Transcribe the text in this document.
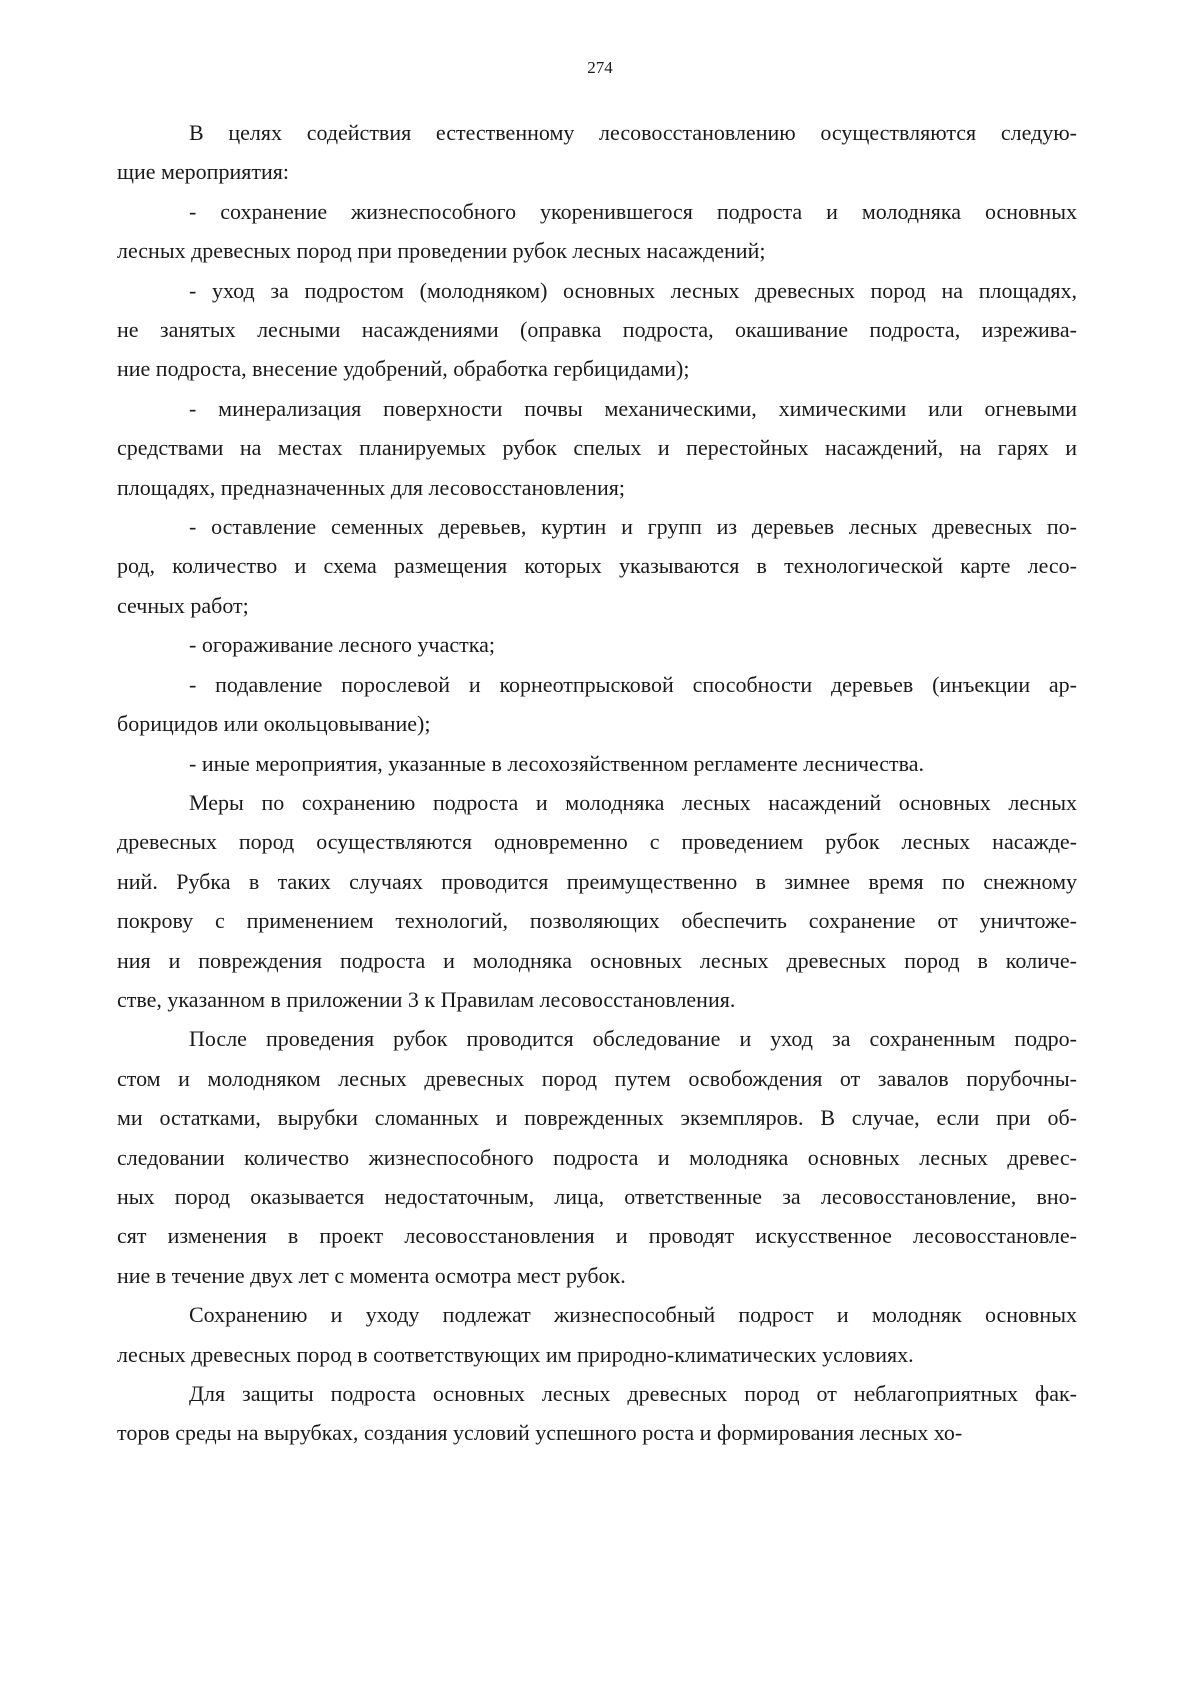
274
В целях содействия естественному лесовосстановлению осуществляются следую-
щие мероприятия:
- сохранение жизнеспособного укоренившегося подроста и молодняка основных
лесных древесных пород при проведении рубок лесных насаждений;
- уход за подростом (молодняком) основных лесных древесных пород на площадях,
не занятых лесными насаждениями (оправка подроста, окашивание подроста, изрежива-
ние подроста, внесение удобрений, обработка гербицидами);
- минерализация поверхности почвы механическими, химическими или огневыми
средствами на местах планируемых рубок спелых и перестойных насаждений, на гарях и
площадях, предназначенных для лесовосстановления;
- оставление семенных деревьев, куртин и групп из деревьев лесных древесных по-
род, количество и схема размещения которых указываются в технологической карте лесо-
сечных работ;
- огораживание лесного участка;
- подавление порослевой и корнеотпрысковой способности деревьев (инъекции ар-
борицидов или окольцовывание);
- иные мероприятия, указанные в лесохозяйственном регламенте лесничества.
Меры по сохранению подроста и молодняка лесных насаждений основных лесных
древесных пород осуществляются одновременно с проведением рубок лесных насажде-
ний. Рубка в таких случаях проводится преимущественно в зимнее время по снежному
покрову с применением технологий, позволяющих обеспечить сохранение от уничтоже-
ния и повреждения подроста и молодняка основных лесных древесных пород в количе-
стве, указанном в приложении 3 к Правилам лесовосстановления.
После проведения рубок проводится обследование и уход за сохраненным подро-
стом и молодняком лесных древесных пород путем освобождения от завалов порубочны-
ми остатками, вырубки сломанных и поврежденных экземпляров. В случае, если при об-
следовании количество жизнеспособного подроста и молодняка основных лесных древес-
ных пород оказывается недостаточным, лица, ответственные за лесовосстановление, вно-
сят изменения в проект лесовосстановления и проводят искусственное лесовосстановле-
ние в течение двух лет с момента осмотра мест рубок.
Сохранению и уходу подлежат жизнеспособный подрост и молодняк основных
лесных древесных пород в соответствующих им природно-климатических условиях.
Для защиты подроста основных лесных древесных пород от неблагоприятных фак-
торов среды на вырубках, создания условий успешного роста и формирования лесных хо-
